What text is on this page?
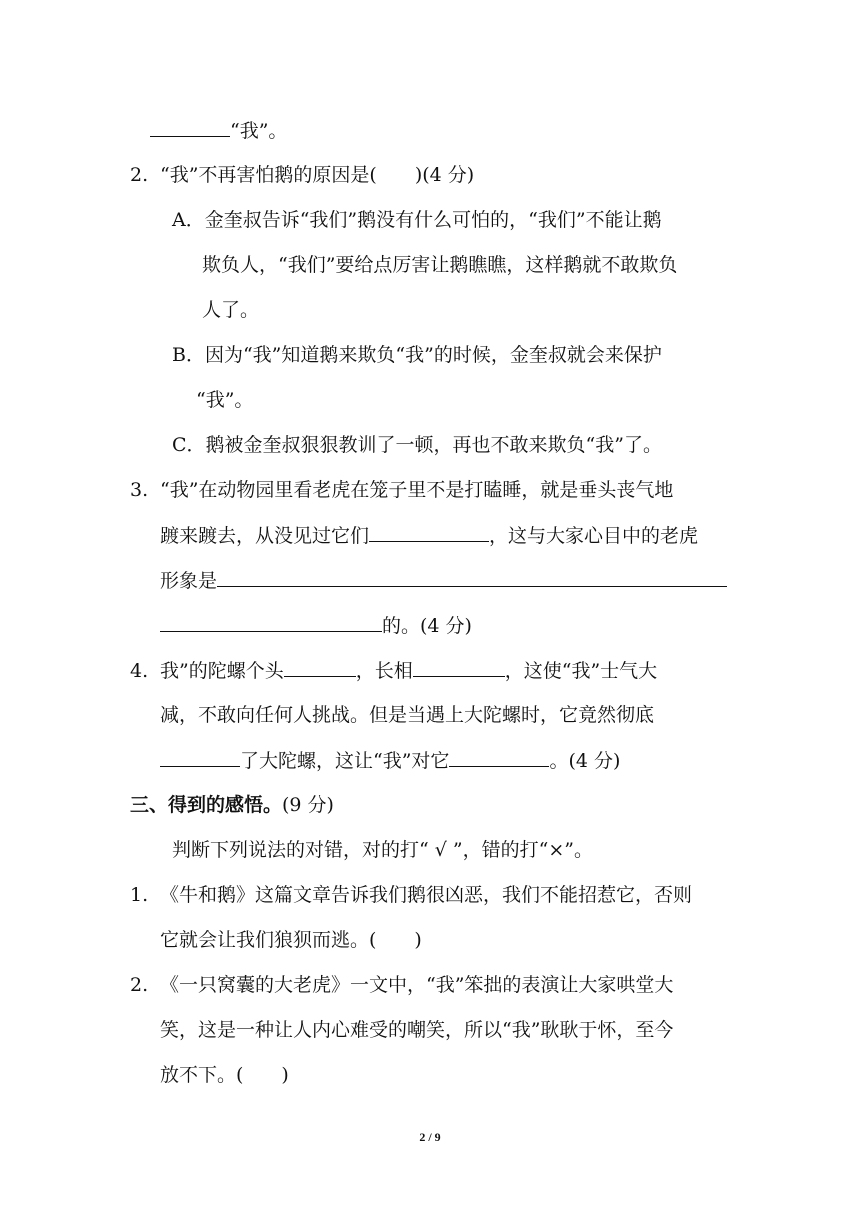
“我”。
2. “我”不再害怕鹅的原因是(　　)(4 分)
A．金奎叔告诉“我们”鹅没有什么可怕的，“我们”不能让鹅
欺负人，“我们”要给点厉害让鹅瞧瞧，这样鹅就不敢欺负
人了。
B．因为“我”知道鹅来欺负“我”的时候，金奎叔就会来保护
“我”。
C．鹅被金奎叔狠狠教训了一顿，再也不敢来欺负“我”了。
3. “我”在动物园里看老虎在笼子里不是打瞌睡，就是垂头丧气地
踱来踱去，从没见过它们	，这与大家心目中的老虎
形象是
的。(4 分)
4. 我”的陀螺个头	，长相	，这使“我”士气大
减，不敢向任何人挑战。但是当遇上大陀螺时，它竟然彻底
了大陀螺，这让“我”对它	。(4 分)
三、得到的感悟。(9 分)
判断下列说法的对错，对的打“ √ ”，错的打“×”。
1. 《牛和鹅》这篇文章告诉我们鹅很凶恶，我们不能招惹它，否则
它就会让我们狼狈而逃。(　　)
2. 《一只窝囊的大老虎》一文中，“我”笨拙的表演让大家哄堂大
笑，这是一种让人内心难受的嘲笑，所以“我”耿耿于怀，至今
放不下。(　　)
2 / 9
